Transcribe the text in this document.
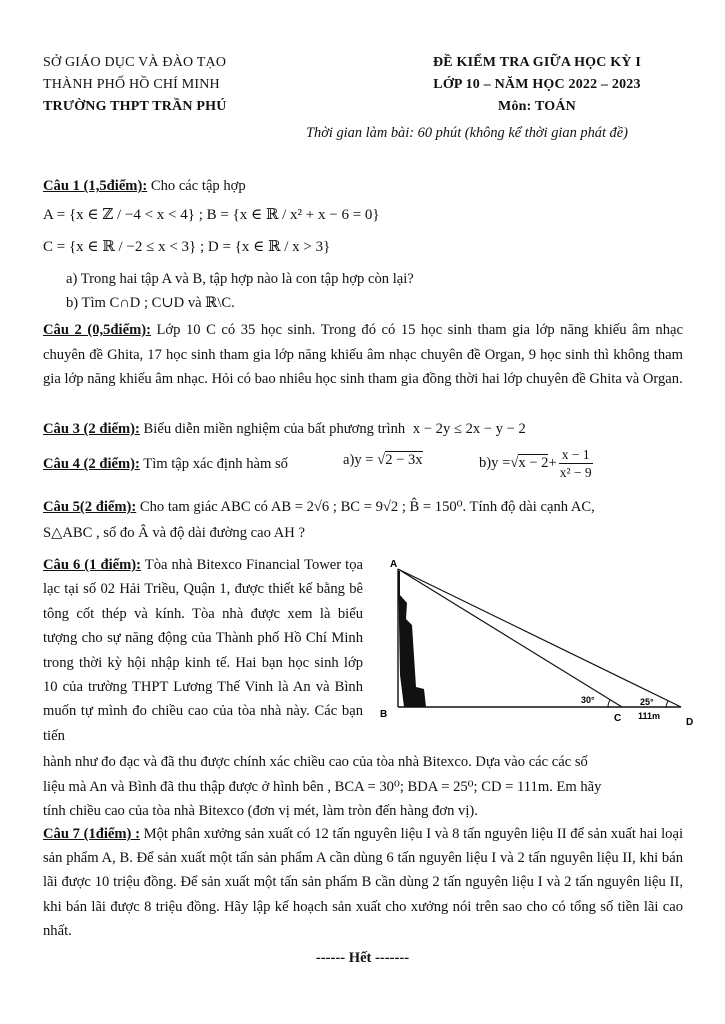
SỞ GIÁO DỤC VÀ ĐÀO TẠO
THÀNH PHỐ HỒ CHÍ MINH
TRƯỜNG THPT TRẦN PHÚ
ĐỀ KIỂM TRA GIỮA HỌC KỲ I
LỚP 10 – NĂM HỌC 2022 – 2023
Môn: TOÁN
Thời gian làm bài: 60 phút (không kể thời gian phát đề)
Câu 1 (1,5điểm): Cho các tập hợp
A = {x ∈ ℤ / −4 < x < 4} ; B = {x ∈ ℝ / x² + x − 6 = 0}
C = {x ∈ ℝ / −2 ≤ x < 3} ; D = {x ∈ ℝ / x > 3}
a) Trong hai tập A và B, tập hợp nào là con tập hợp còn lại?
b) Tìm C∩D ; C∪D và ℝ\C.
Câu 2 (0,5điểm): Lớp 10 C có 35 học sinh. Trong đó có 15 học sinh tham gia lớp năng khiếu âm nhạc chuyên đề Ghita, 17 học sinh tham gia lớp năng khiếu âm nhạc chuyên đề Organ, 9 học sinh thì không tham gia lớp năng khiếu âm nhạc. Hỏi có bao nhiêu học sinh tham gia đồng thời hai lớp chuyên đề Ghita và Organ.
Câu 3 (2 điểm): Biểu diễn miền nghiệm của bất phương trình x − 2y ≤ 2x − y − 2
Câu 4 (2 điểm): Tìm tập xác định hàm số	a)y = √2 − 3x	b)y = √ $x - 2 + \frac{x - 1}{\text{x² − 9}}$
Câu 5(2 điểm): Cho tam giác ABC có AB = 2√6 ; BC = 9√2 ; B̂ = 150⁰. Tính độ dài cạnh AC,
S△ABC , số đo Â và độ dài đường cao AH ?
Câu 6 (1 điểm): Tòa nhà Bitexco Financial Tower tọa lạc tại số 02 Hải Triều, Quận 1, được thiết kế bằng bê tông cốt thép và kính. Tòa nhà được xem là biểu tượng cho sự năng động của Thành phố Hồ Chí Minh trong thời kỳ hội nhập kinh tế. Hai bạn học sinh lớp 10 của trường THPT Lương Thế Vinh là An và Bình muốn tự mình đo chiều cao của tòa nhà này. Các bạn tiến
A
B	C	D
30°	25°
111m
hành như đo đạc và đã thu được chính xác chiều cao của tòa nhà Bitexco. Dựa vào các các số
liệu mà An và Bình đã thu thập được ở hình bên , BCA = 30⁰; BDA = 25⁰; CD = 111m. Em hãy
tính chiều cao của tòa nhà Bitexco (đơn vị mét, làm tròn đến hàng đơn vị).
Câu 7 (1điểm) : Một phân xưởng sản xuất có 12 tấn nguyên liệu I và 8 tấn nguyên liệu II để sản xuất hai loại sản phẩm A, B. Để sản xuất một tấn sản phẩm A cần dùng 6 tấn nguyên liệu I và 2 tấn nguyên liệu II, khi bán lãi được 10 triệu đồng. Để sản xuất một tấn sản phẩm B cần dùng 2 tấn nguyên liệu I và 2 tấn nguyên liệu II, khi bán lãi được 8 triệu đồng. Hãy lập kế hoạch sản xuất cho xưởng nói trên sao cho có tổng số tiền lãi cao nhất.
------ Hết -------
